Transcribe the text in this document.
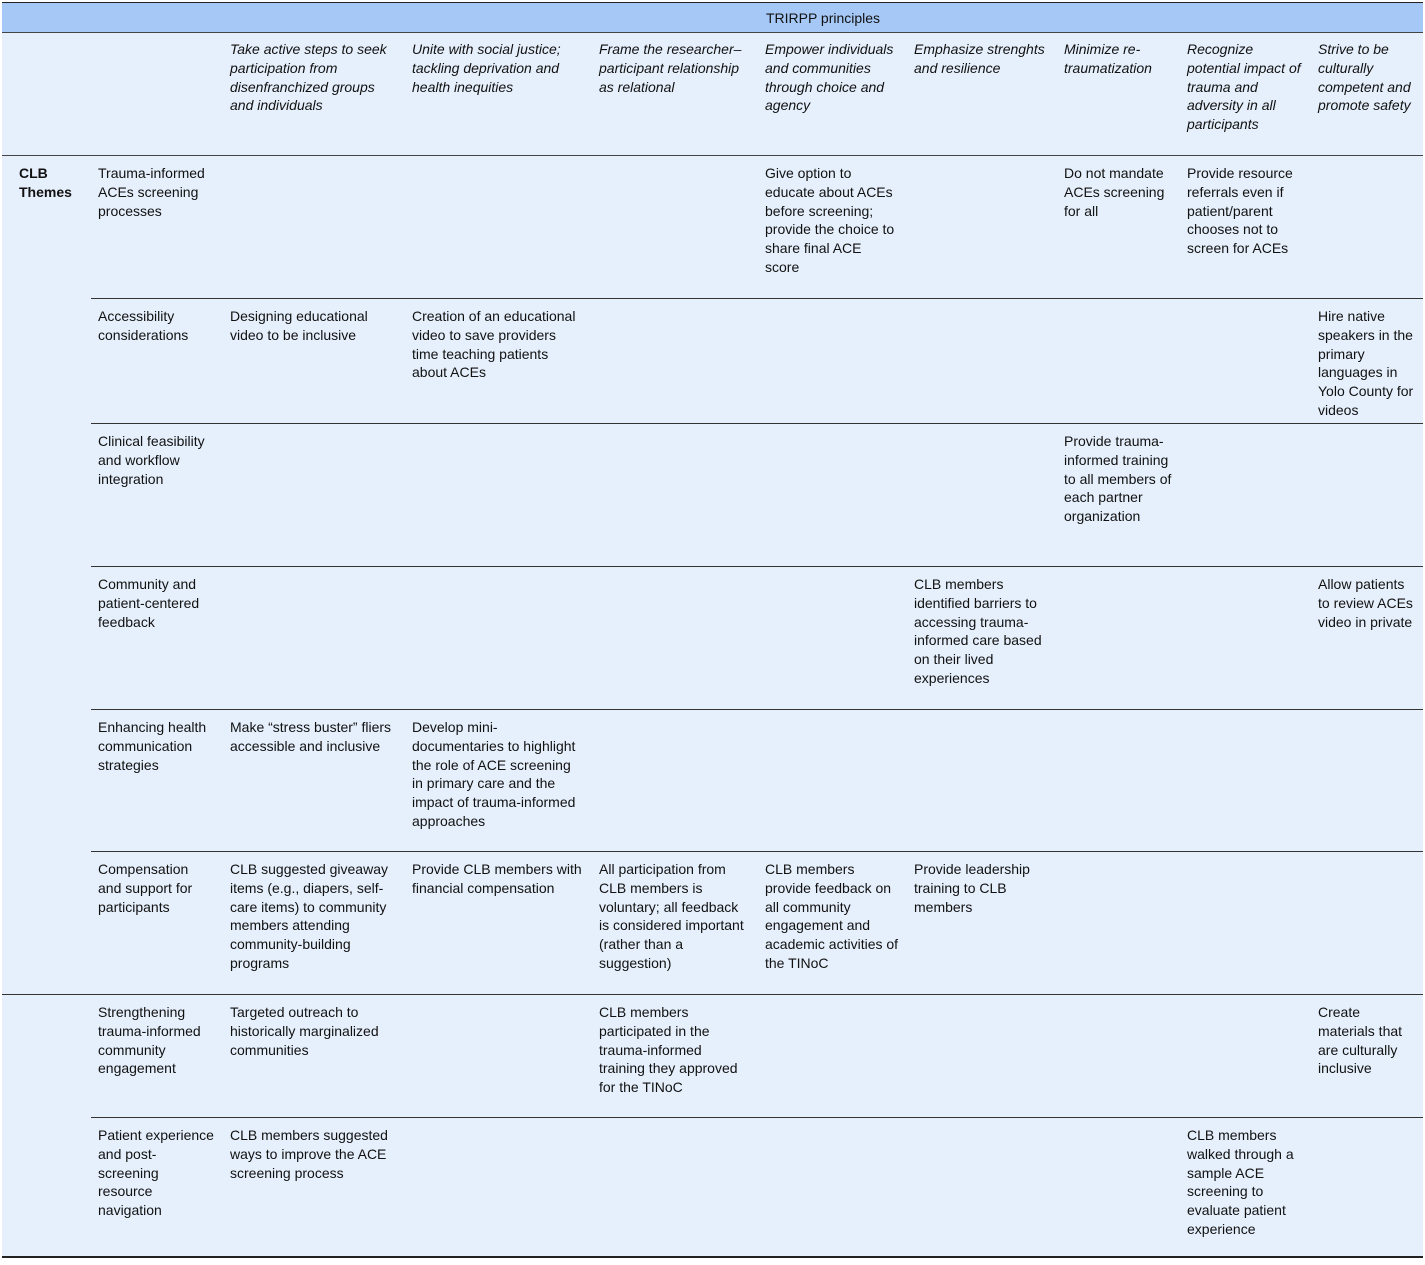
		TRIRPP principles							

		Take active steps to seek participation from disenfranchized groups and individuals	Unite with social justice; tackling deprivation and health inequities	Frame the researcher–participant relationship as relational	Empower individuals and communities through choice and agency	Emphasize strenghts and resilience	Minimize re-traumatization	Recognize potential impact of trauma and adversity in all participants	Strive to be culturally competent and promote safety

CLB Themes	Trauma-informed ACEs screening processes				Give option to educate about ACEs before screening; provide the choice to share final ACE score		Do not mandate ACEs screening for all	Provide resource referrals even if patient/parent chooses not to screen for ACEs	

	Accessibility considerations	Designing educational video to be inclusive	Creation of an educational video to save providers time teaching patients about ACEs						Hire native speakers in the primary languages in Yolo County for videos

	Clinical feasibility and workflow integration						Provide trauma-informed training to all members of each partner organization		

	Community and patient-centered feedback					CLB members identified barriers to accessing trauma-informed care based on their lived experiences			Allow patients to review ACEs video in private

	Enhancing health communication strategies	Make “stress buster” fliers accessible and inclusive	Develop mini-documentaries to highlight the role of ACE screening in primary care and the impact of trauma-informed approaches						

	Compensation and support for participants	CLB suggested giveaway items (e.g., diapers, self-care items) to community members attending community-building programs	Provide CLB members with financial compensation	All participation from CLB members is voluntary; all feedback is considered important (rather than a suggestion)	CLB members provide feedback on all community engagement and academic activities of the TINoC	Provide leadership training to CLB members			

	Strengthening trauma-informed community engagement	Targeted outreach to historically marginalized communities		CLB members participated in the trauma-informed training they approved for the TINoC					Create materials that are culturally inclusive

	Patient experience and post-screening resource navigation	CLB members suggested ways to improve the ACE screening process						CLB members walked through a sample ACE screening to evaluate patient experience	
